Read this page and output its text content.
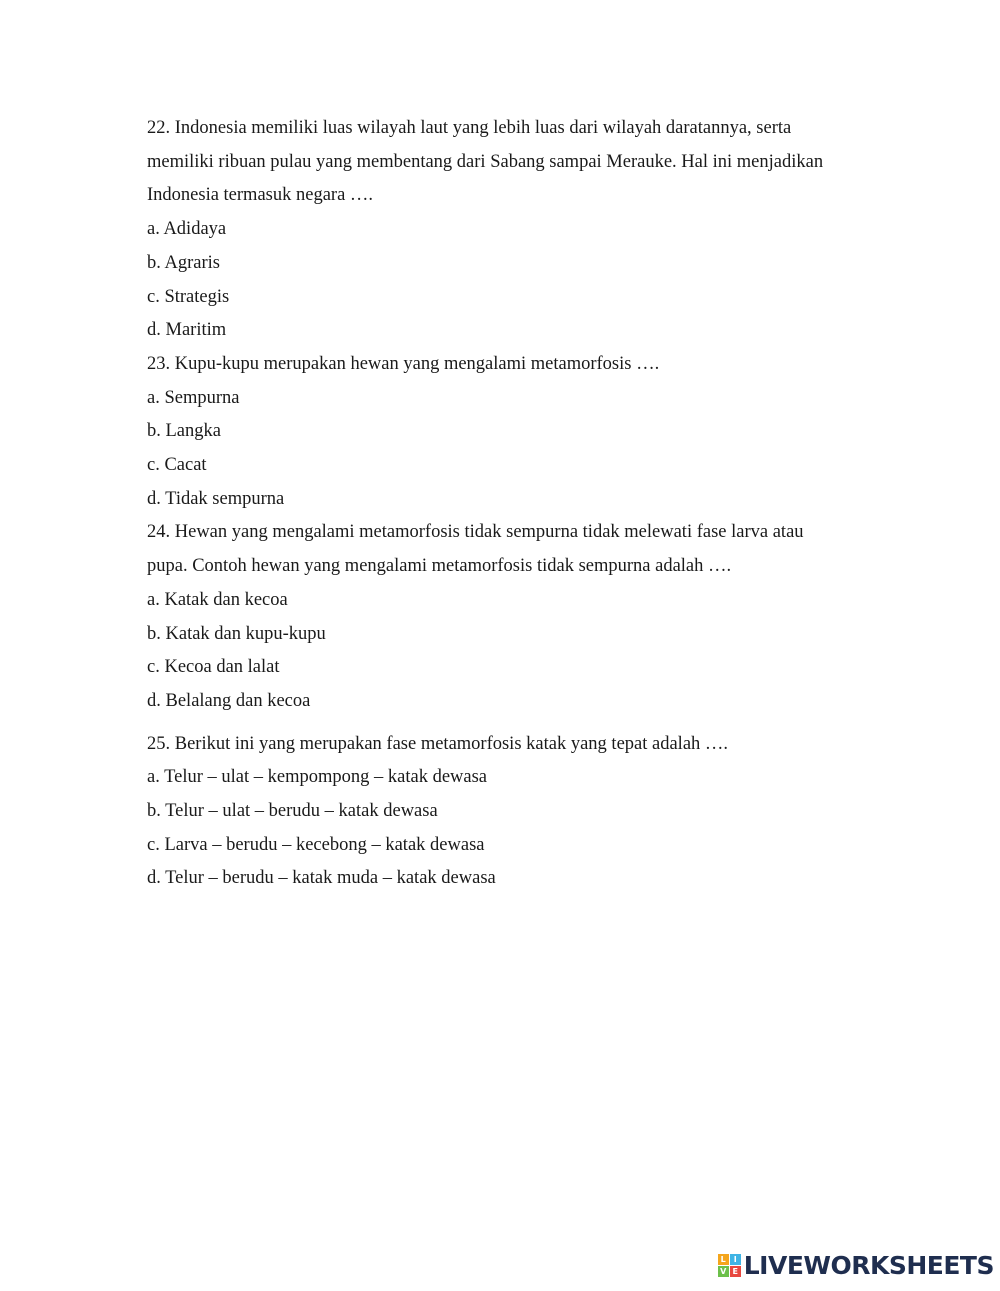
22. Indonesia memiliki luas wilayah laut yang lebih luas dari wilayah daratannya, serta

memiliki ribuan pulau yang membentang dari Sabang sampai Merauke. Hal ini menjadikan

Indonesia termasuk negara ….

a. Adidaya

b. Agraris

c. Strategis

d. Maritim

23. Kupu-kupu merupakan hewan yang mengalami metamorfosis ….

a. Sempurna

b. Langka

c. Cacat

d. Tidak sempurna

24. Hewan yang mengalami metamorfosis tidak sempurna tidak melewati fase larva atau

pupa. Contoh hewan yang mengalami metamorfosis tidak sempurna adalah ….

a. Katak dan kecoa

b. Katak dan kupu-kupu

c. Kecoa dan lalat

d. Belalang dan kecoa

25. Berikut ini yang merupakan fase metamorfosis katak yang tepat adalah ….

a. Telur – ulat – kempompong – katak dewasa

b. Telur – ulat – berudu – katak dewasa

c. Larva – berudu – kecebong – katak dewasa

d. Telur – berudu – katak muda – katak dewasa

L I
V E LIVEWORKSHEETS
